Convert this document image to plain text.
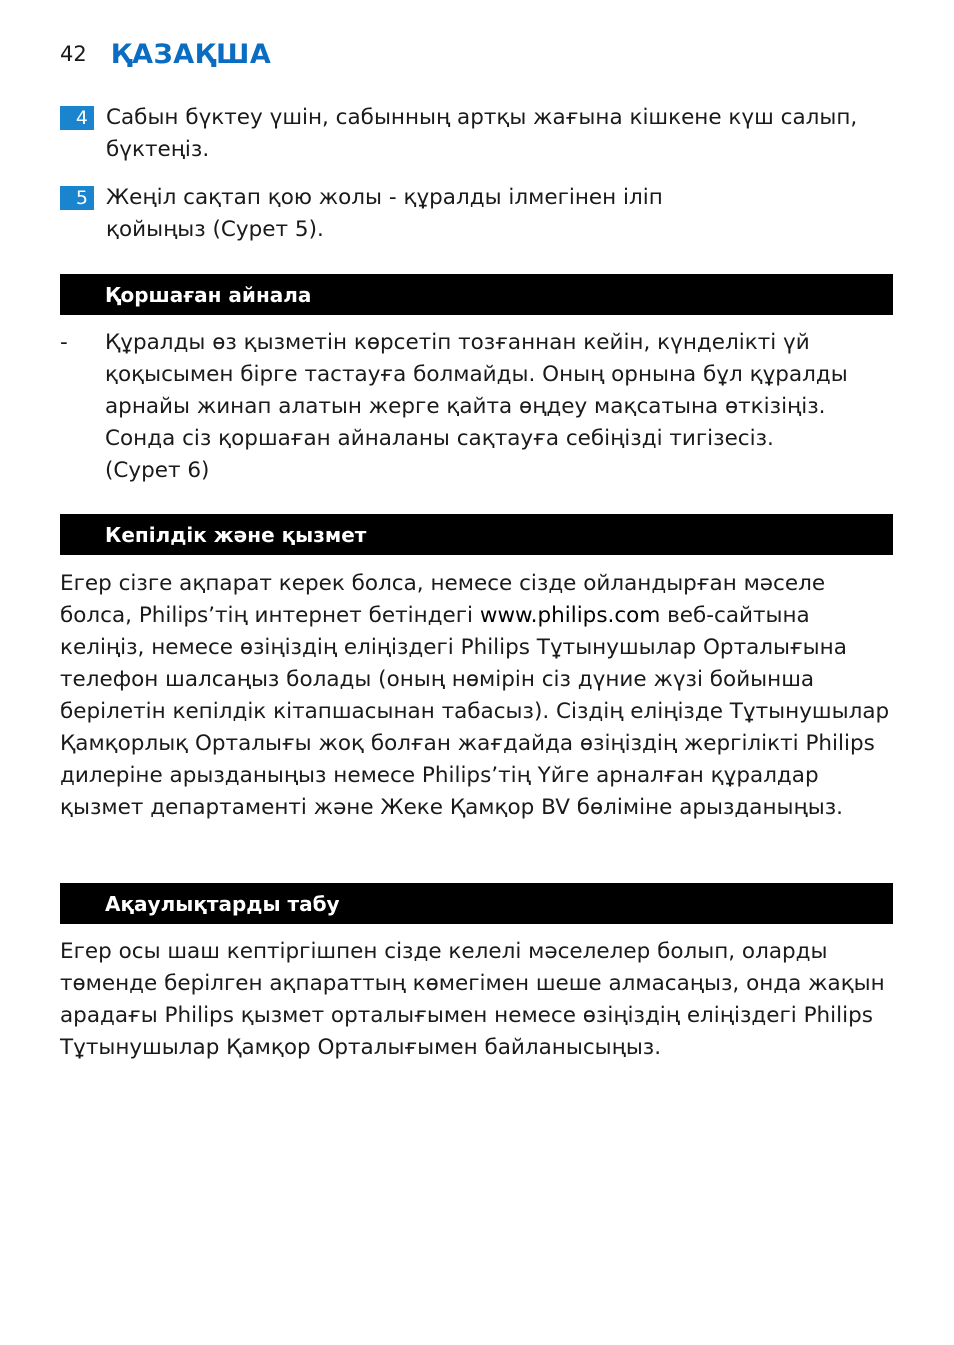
42 ҚАЗАҚША
4 Сабын бүктеу үшін, сабынның артқы жағына кішкене күш салып, бүктеңіз.
5 Жеңіл сақтап қою жолы - құралды ілмегінен іліп қойыңыз (Сурет 5).
Қоршаған айнала
-	Құралды өз қызметін көрсетіп тозғаннан кейін, күнделікті үй қоқысымен бірге тастауға болмайды. Оның орнына бұл құралды арнайы жинап алатын жерге қайта өңдеу мақсатына өткізіңіз. Сонда сіз қоршаған айналаны сақтауға себіңізді тигізесіз.
(Сурет 6)
Кепілдік және қызмет
Егер сізге ақпарат керек болса, немесе сізде ойландырған мәселе болса, Philips’тің интернет бетіндегі www.philips.com веб-сайтына келіңіз, немесе өзіңіздің еліңіздегі Philips Тұтынушылар Орталығына телефон шалсаңыз болады (оның нөмірін сіз дүние жүзі бойынша берілетін кепілдік кітапшасынан табасыз). Сіздің еліңізде Тұтынушылар Қамқорлық Орталығы жоқ болған жағдайда өзіңіздің жергілікті Philips дилеріне арызданыңыз немесе Philips’тің Үйге арналған құралдар қызмет департаменті және Жеке Қамқор BV бөліміне арызданыңыз.
Ақаулықтарды табу
Егер осы шаш кептіргішпен сізде келелі мәселелер болып, оларды төменде берілген ақпараттың көмегімен шеше алмасаңыз, онда жақын арадағы Philips қызмет орталығымен немесе өзіңіздің еліңіздегі Philips Тұтынушылар Қамқор Орталығымен байланысыңыз.
